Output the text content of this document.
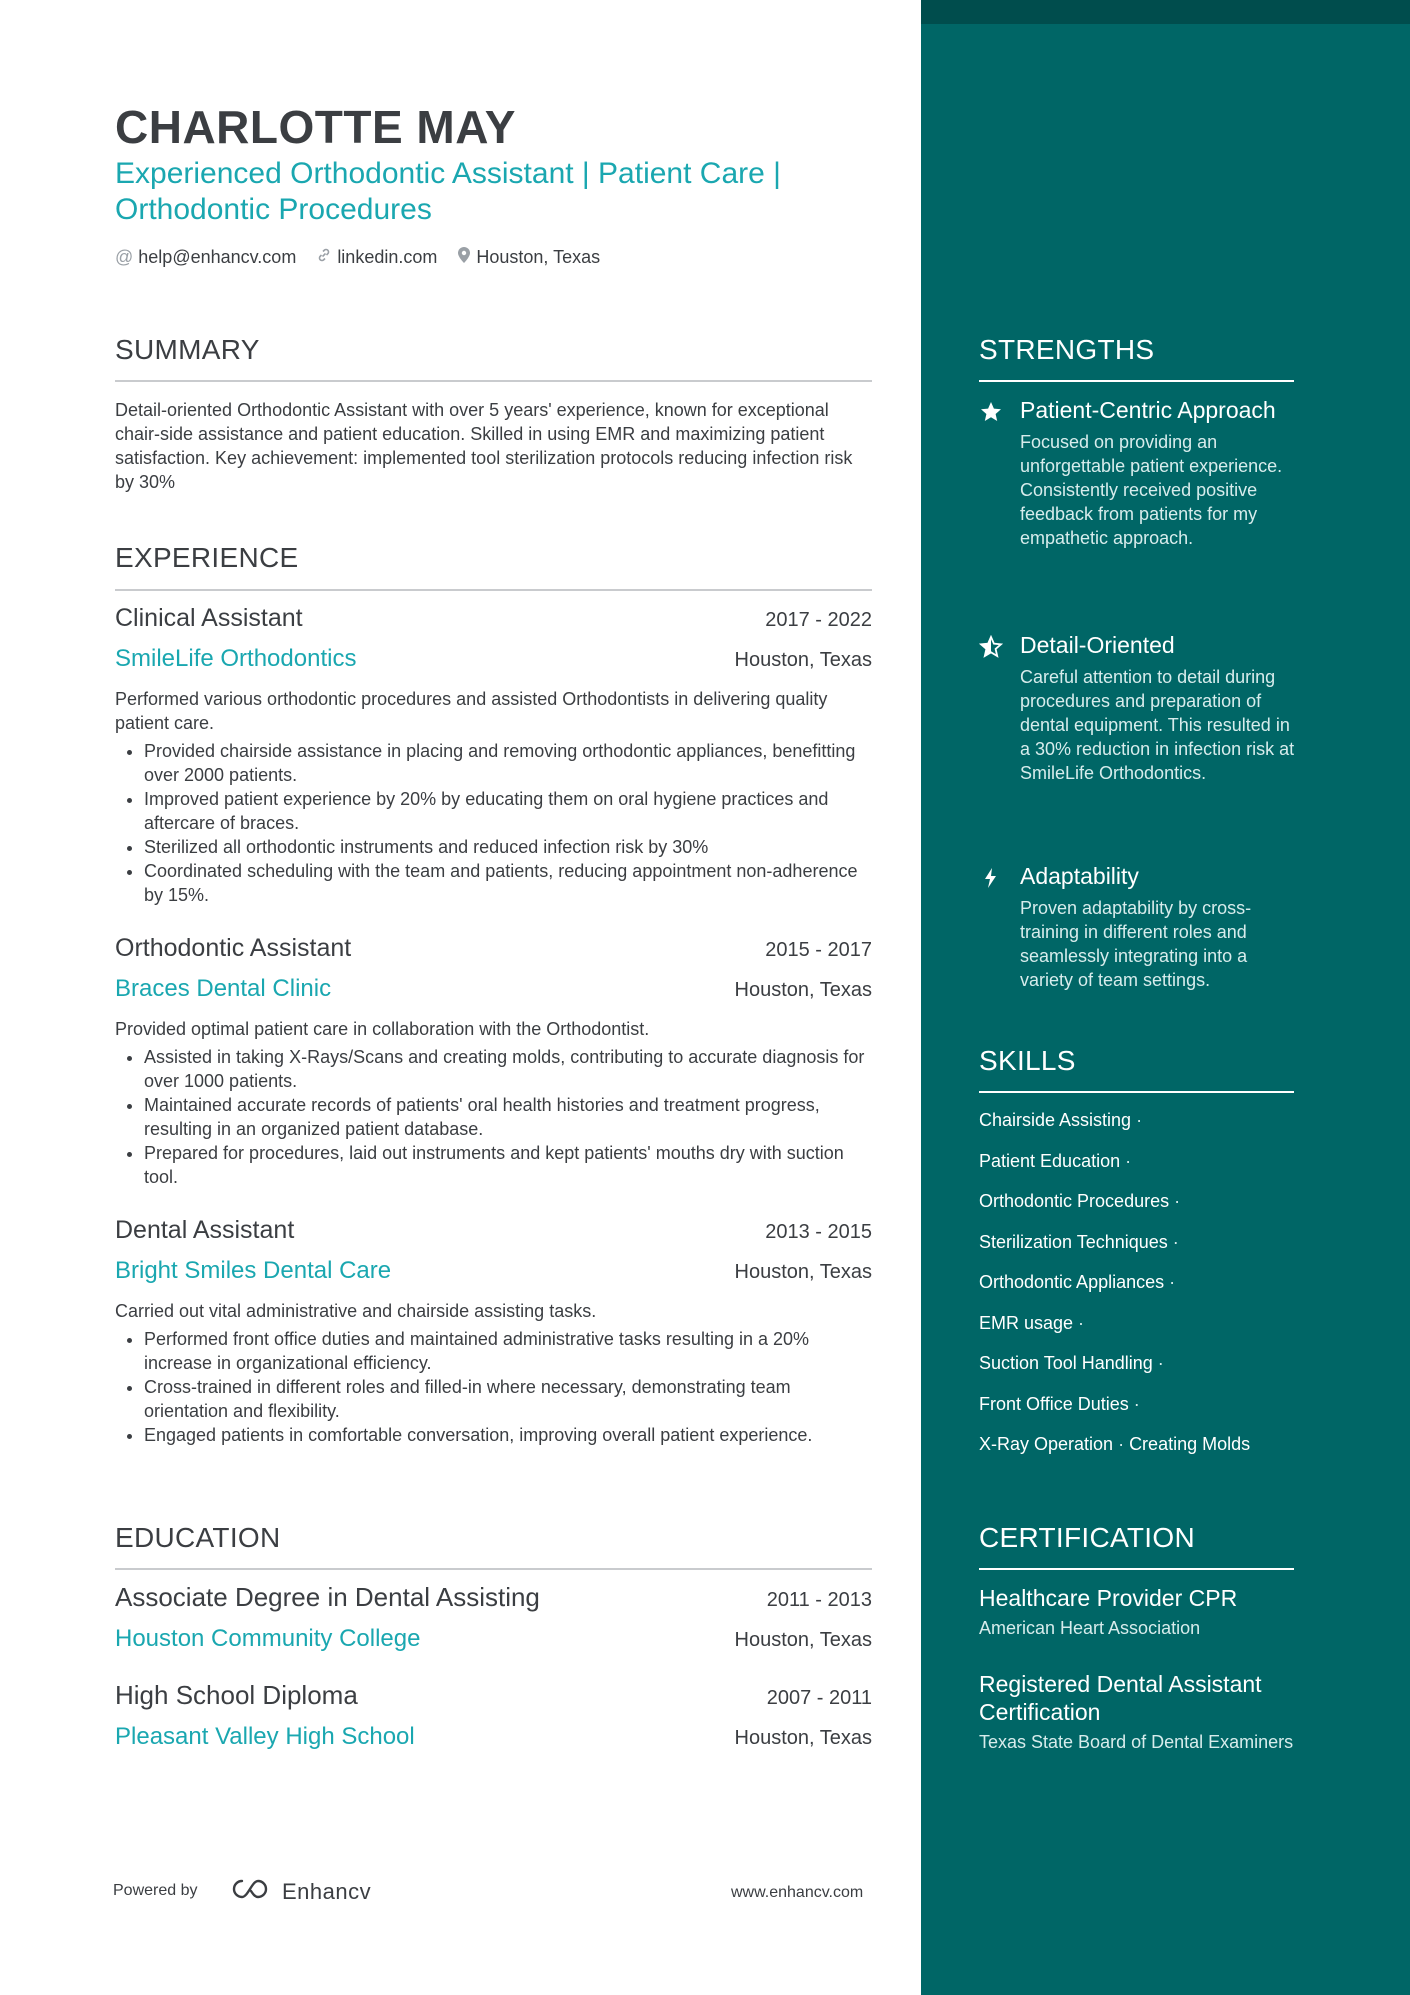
CHARLOTTE MAY
Experienced Orthodontic Assistant | Patient Care | Orthodontic Procedures
@ help@enhancv.com linkedin.com Houston, Texas
SUMMARY
Detail-oriented Orthodontic Assistant with over 5 years' experience, known for exceptional chair-side assistance and patient education. Skilled in using EMR and maximizing patient satisfaction. Key achievement: implemented tool sterilization protocols reducing infection risk by 30%
EXPERIENCE
Clinical Assistant	2017 - 2022
SmileLife Orthodontics	Houston, Texas
Performed various orthodontic procedures and assisted Orthodontists in delivering quality patient care.
• Provided chairside assistance in placing and removing orthodontic appliances, benefitting over 2000 patients.
• Improved patient experience by 20% by educating them on oral hygiene practices and aftercare of braces.
• Sterilized all orthodontic instruments and reduced infection risk by 30%
• Coordinated scheduling with the team and patients, reducing appointment non-adherence by 15%.
Orthodontic Assistant	2015 - 2017
Braces Dental Clinic	Houston, Texas
Provided optimal patient care in collaboration with the Orthodontist.
• Assisted in taking X-Rays/Scans and creating molds, contributing to accurate diagnosis for over 1000 patients.
• Maintained accurate records of patients' oral health histories and treatment progress, resulting in an organized patient database.
• Prepared for procedures, laid out instruments and kept patients' mouths dry with suction tool.
Dental Assistant	2013 - 2015
Bright Smiles Dental Care	Houston, Texas
Carried out vital administrative and chairside assisting tasks.
• Performed front office duties and maintained administrative tasks resulting in a 20% increase in organizational efficiency.
• Cross-trained in different roles and filled-in where necessary, demonstrating team orientation and flexibility.
• Engaged patients in comfortable conversation, improving overall patient experience.
EDUCATION
Associate Degree in Dental Assisting	2011 - 2013
Houston Community College	Houston, Texas
High School Diploma	2007 - 2011
Pleasant Valley High School	Houston, Texas
Powered by	Enhancv	www.enhancv.com
STRENGTHS
Patient-Centric Approach
Focused on providing an unforgettable patient experience. Consistently received positive feedback from patients for my empathetic approach.
Detail-Oriented
Careful attention to detail during procedures and preparation of dental equipment. This resulted in a 30% reduction in infection risk at SmileLife Orthodontics.
Adaptability
Proven adaptability by cross-training in different roles and seamlessly integrating into a variety of team settings.
SKILLS
Chairside Assisting ·
Patient Education ·
Orthodontic Procedures ·
Sterilization Techniques ·
Orthodontic Appliances ·
EMR usage ·
Suction Tool Handling ·
Front Office Duties ·
X-Ray Operation · Creating Molds
CERTIFICATION
Healthcare Provider CPR
American Heart Association
Registered Dental Assistant Certification
Texas State Board of Dental Examiners
